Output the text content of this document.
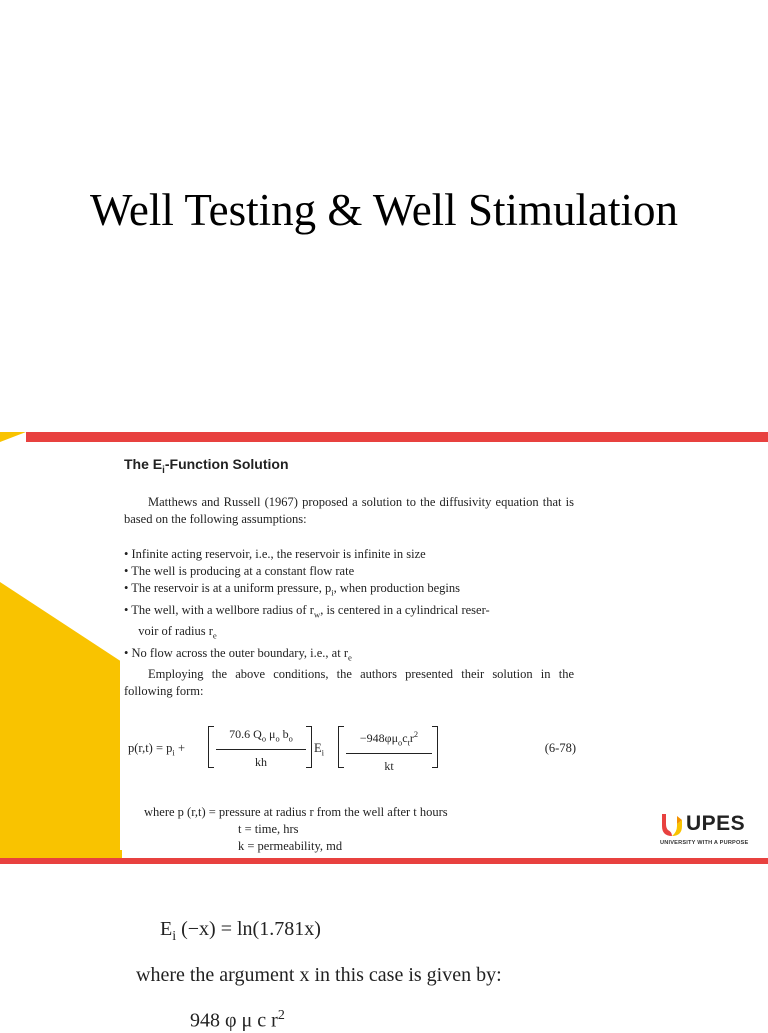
Well Testing & Well Stimulation
The $E_i$-Function Solution
Matthews and Russell (1967) proposed a solution to the diffusivity equation that is based on the following assumptions:
• Infinite acting reservoir, i.e., the reservoir is infinite in size
• The well is producing at a constant flow rate
• The reservoir is at a uniform pressure, $p_i$, when production begins
• The well, with a wellbore radius of $r_w$, is centered in a cylindrical reser-
voir of radius $r_e$
• No flow across the outer boundary, i.e., at $r_e$
Employing the above conditions, the authors presented their solution in the following form:
$p(r,t) = p_i$ +	$\frac{70.6 Q_o \mu_o b_o}{kh} E_i$
$-948\varphi\mu_oc_tr^2$
kt
(6-78)
where p (r,t) = pressure at radius r from the well after t hours
t = time, hrs
k = permeability, md
UPES
UNIVERSITY WITH A PURPOSE
$E_i$ (−x) = ln(1.781x)
where the argument x in this case is given by:
948 φ μ c $r^2$
